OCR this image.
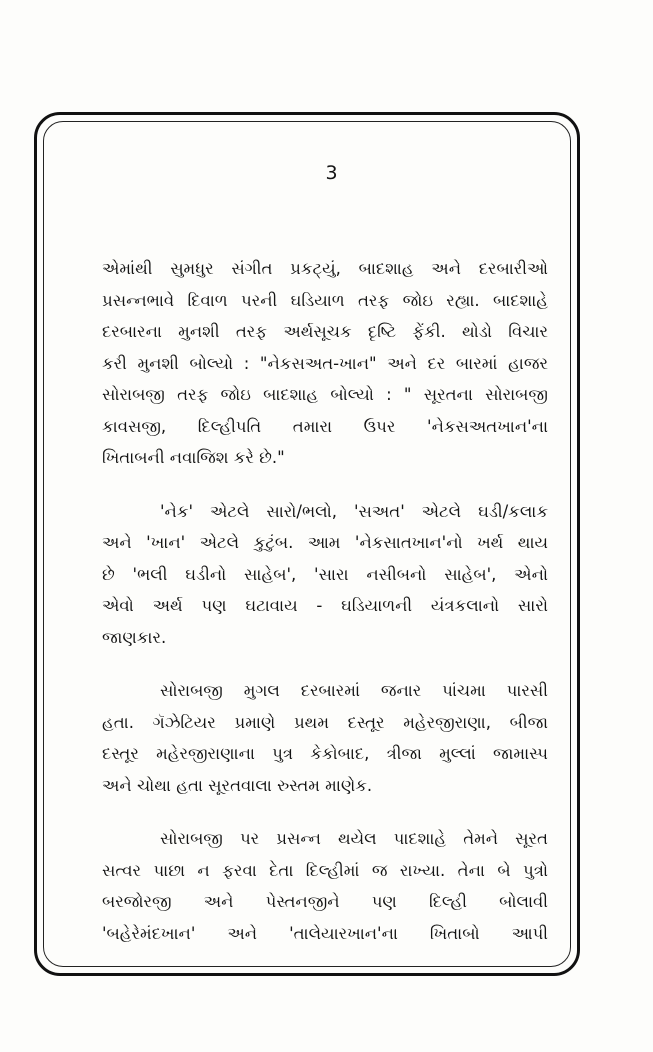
3

એમાંથી સુમધુર સંગીત પ્રકટ્યું, બાદશાહ અને દરબારીઓ
પ્રસન્નભાવે દિવાળ પરની ઘડિયાળ તરફ જોઇ રહ્યા. બાદશાહે
દરબારના મુનશી તરફ અર્થસૂચક દૃષ્ટિ ફેંકી. થોડો વિચાર
કરી મુનશી બોલ્યો : "નેકસઅત-ખાન" અને દર બારમાં હાજર
સોરાબજી તરફ જોઇ બાદશાહ બોલ્યો : " સૂરતના સોરાબજી
કાવસજી, દિલ્હીપતિ તમારા ઉપર 'નેકસઅતખાન'ના
ખિતાબની નવાજિશ કરે છે."

'નેક' એટલે સારો/ભલો, 'સઅત' એટલે ઘડી/કલાક
અને 'ખાન' એટલે કુટુંબ. આમ 'નેકસાતખાન'નો ખર્થ થાય
છે 'ભલી ઘડીનો સાહેબ', 'સારા નસીબનો સાહેબ', એનો
એવો અર્થ પણ ઘટાવાય - ઘડિયાળની યંત્રકલાનો સારો
જાણકાર.

સોરાબજી મુગલ દરબારમાં જનાર પાંચમા પારસી
હતા. ગૅઝેટિયર પ્રમાણે પ્રથમ દસ્તૂર મહેરજીરાણા, બીજા
દસ્તૂર મહેરજીરાણાના પુત્ર કેકોબાદ, ત્રીજા મુલ્લાં જામાસ્પ
અને ચોથા હતા સૂરતવાલા રુસ્તમ માણેક.

સોરાબજી પર પ્રસન્ન થયેલ પાદશાહે તેમને સૂરત
સત્વર પાછા ન ફરવા દેતા દિલ્હીમાં જ રાખ્યા. તેના બે પુત્રો
બરજોરજી અને પેસ્તનજીને પણ દિલ્હી બોલાવી
'બહેરેમંદખાન' અને 'તાલેયારખાન'ના ખિતાબો આપી
